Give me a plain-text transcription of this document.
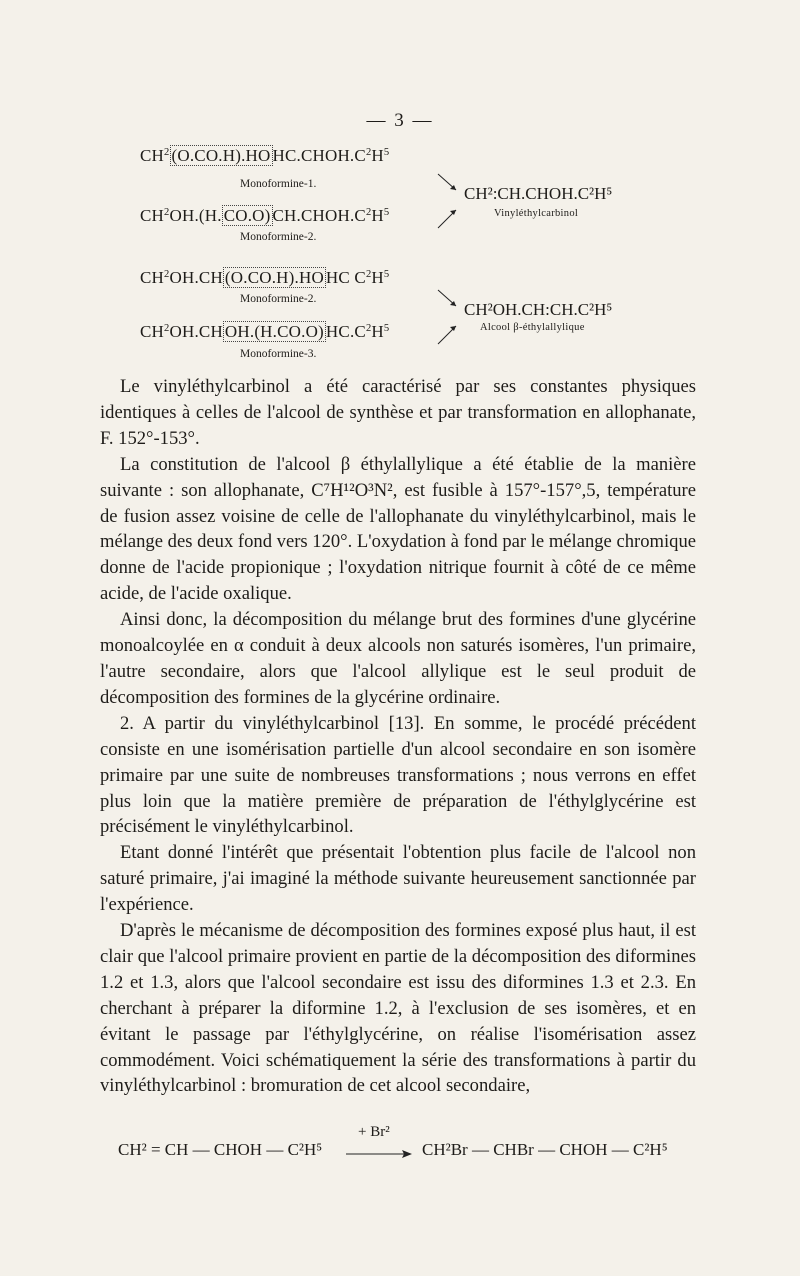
— 3 —
$CH^2$ (O.CO.H).HO $HC.CHOH.C^2H^5$
Monoformine-1.
$CH^2OH.(H$. CO.O) $CH.CHOH.C^2H^5$
Monoformine-2.
CH²:CH.CHOH.C²H⁵
Vinyléthylcarbinol
$CH^2OH.CH$ (O.CO.H).HO HC $C^2H^5$
Monoformine-2.
$CH^2OH.CH$ OH.(H.CO.O) $HC.C^2H^5$
Monoformine-3.
CH²OH.CH:CH.C²H⁵
Alcool β-éthylallylique

Le vinyléthylcarbinol a été caractérisé par ses constantes physiques identiques à celles de l'alcool de synthèse et par transformation en allophanate, F. 152°-153°.

La constitution de l'alcool β éthylallylique a été établie de la manière suivante : son allophanate, C⁷H¹²O³N², est fusible à 157°-157°,5, température de fusion assez voisine de celle de l'allophanate du vinyléthylcarbinol, mais le mélange des deux fond vers 120°. L'oxydation à fond par le mélange chromique donne de l'acide propionique ; l'oxydation nitrique fournit à côté de ce même acide, de l'acide oxalique.

Ainsi donc, la décomposition du mélange brut des formines d'une glycérine monoalcoylée en α conduit à deux alcools non saturés isomères, l'un primaire, l'autre secondaire, alors que l'alcool allylique est le seul produit de décomposition des formines de la glycérine ordinaire.

2. A partir du vinyléthylcarbinol [13]. En somme, le procédé précédent consiste en une isomérisation partielle d'un alcool secondaire en son isomère primaire par une suite de nombreuses transformations ; nous verrons en effet plus loin que la matière première de préparation de l'éthylglycérine est précisément le vinyléthylcarbinol.

Etant donné l'intérêt que présentait l'obtention plus facile de l'alcool non saturé primaire, j'ai imaginé la méthode suivante heureusement sanctionnée par l'expérience.

D'après le mécanisme de décomposition des formines exposé plus haut, il est clair que l'alcool primaire provient en partie de la décomposition des diformines 1.2 et 1.3, alors que l'alcool secondaire est issu des diformines 1.3 et 2.3. En cherchant à préparer la diformine 1.2, à l'exclusion de ses isomères, et en évitant le passage par l'éthylglycérine, on réalise l'isomérisation assez commodément. Voici schématiquement la série des transformations à partir du vinyléthylcarbinol : bromuration de cet alcool secondaire,

CH² = CH — CHOH — C²H⁵
+ Br²
CH²Br — CHBr — CHOH — C²H⁵
